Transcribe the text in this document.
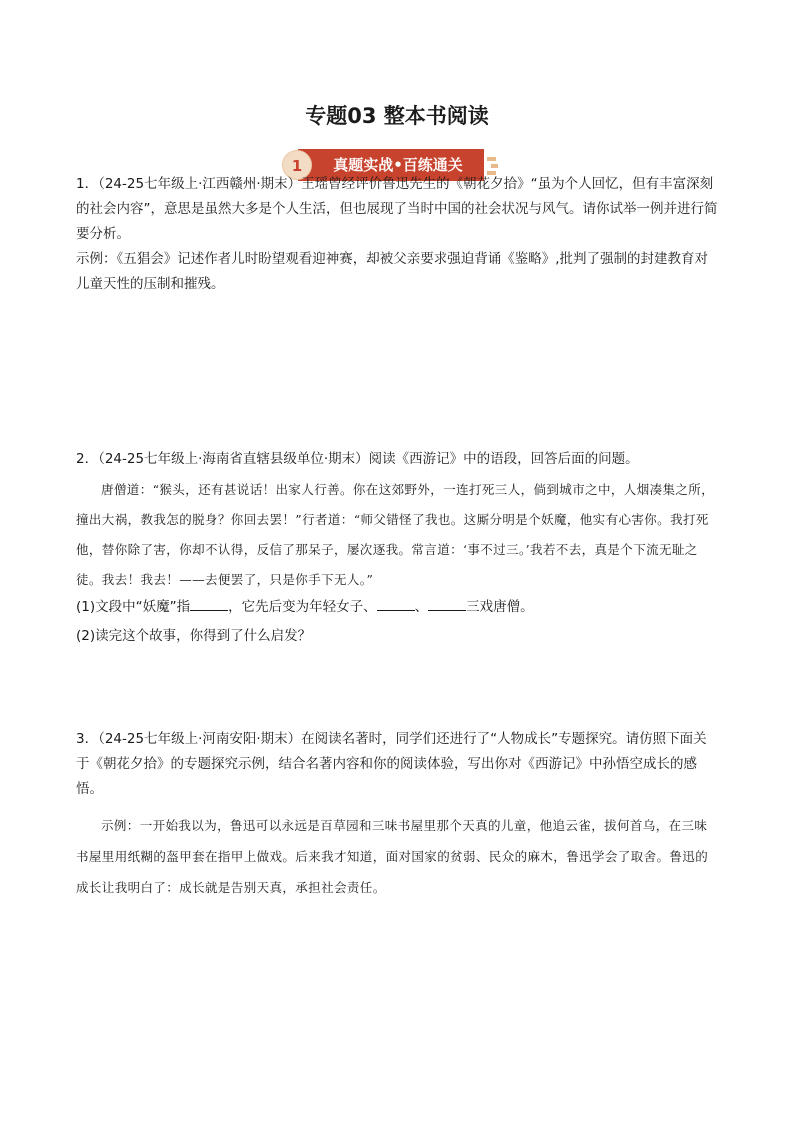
专题03 整本书阅读
真题实战•百练通关
1

1．（24-25七年级上·江西赣州·期末）王瑶曾经评价鲁迅先生的《朝花夕拾》“虽为个人回忆，但有丰富深刻的社会内容”，意思是虽然大多是个人生活，但也展现了当时中国的社会状况与风气。请你试举一例并进行简要分析。

示例：《五猖会》记述作者儿时盼望观看迎神赛，却被父亲要求强迫背诵《鉴略》,批判了强制的封建教育对儿童天性的压制和摧残。

2．（24-25七年级上·海南省直辖县级单位·期末）阅读《西游记》中的语段，回答后面的问题。

唐僧道：“猴头，还有甚说话！出家人行善。你在这郊野外，一连打死三人，倘到城市之中，人烟凑集之所，撞出大祸，教我怎的脱身？你回去罢！”行者道：“师父错怪了我也。这厮分明是个妖魔，他实有心害你。我打死他，替你除了害，你却不认得，反信了那呆子，屡次逐我。常言道：‘事不过三。’我若不去，真是个下流无耻之徒。我去！我去！——去便罢了，只是你手下无人。”

(1)文段中“妖魔”指	，它先后变为年轻女子、	、	三戏唐僧。

(2)读完这个故事，你得到了什么启发？

3．（24-25七年级上·河南安阳·期末）在阅读名著时，同学们还进行了“人物成长”专题探究。请仿照下面关于《朝花夕拾》的专题探究示例，结合名著内容和你的阅读体验，写出你对《西游记》中孙悟空成长的感悟。

示例：一开始我以为，鲁迅可以永远是百草园和三味书屋里那个天真的儿童，他追云雀，拔何首乌，在三味书屋里用纸糊的盔甲套在指甲上做戏。后来我才知道，面对国家的贫弱、民众的麻木，鲁迅学会了取舍。鲁迅的成长让我明白了：成长就是告别天真，承担社会责任。
